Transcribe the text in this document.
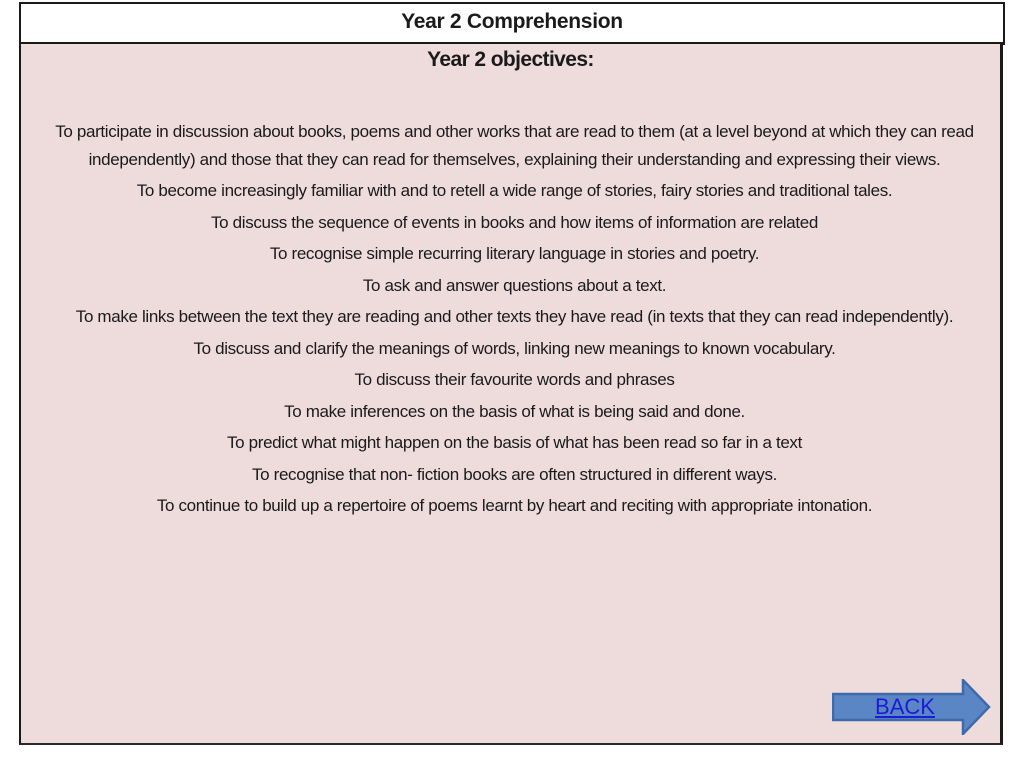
Year 2 Comprehension
Year 2 objectives:
To participate in discussion about books, poems and other works that are read to them (at a level beyond at which they can read independently) and those that they can read for themselves, explaining their understanding and expressing their views.
To become increasingly familiar with and to retell a wide range of stories, fairy stories and traditional tales.
To discuss the sequence of events in books and how items of information are related
To recognise simple recurring literary language in stories and poetry.
To ask and answer questions about a text.
To make links between the text they are reading and other texts they have read (in texts that they can read independently).
To discuss and clarify the meanings of words, linking new meanings to known vocabulary.
To discuss their favourite words and phrases
To make inferences on the basis of what is being said and done.
To predict what might happen on the basis of what has been read so far in a text
To recognise that non- fiction books are often structured in different ways.
To continue to build up a repertoire of poems learnt by heart and reciting with appropriate intonation.
BACK
